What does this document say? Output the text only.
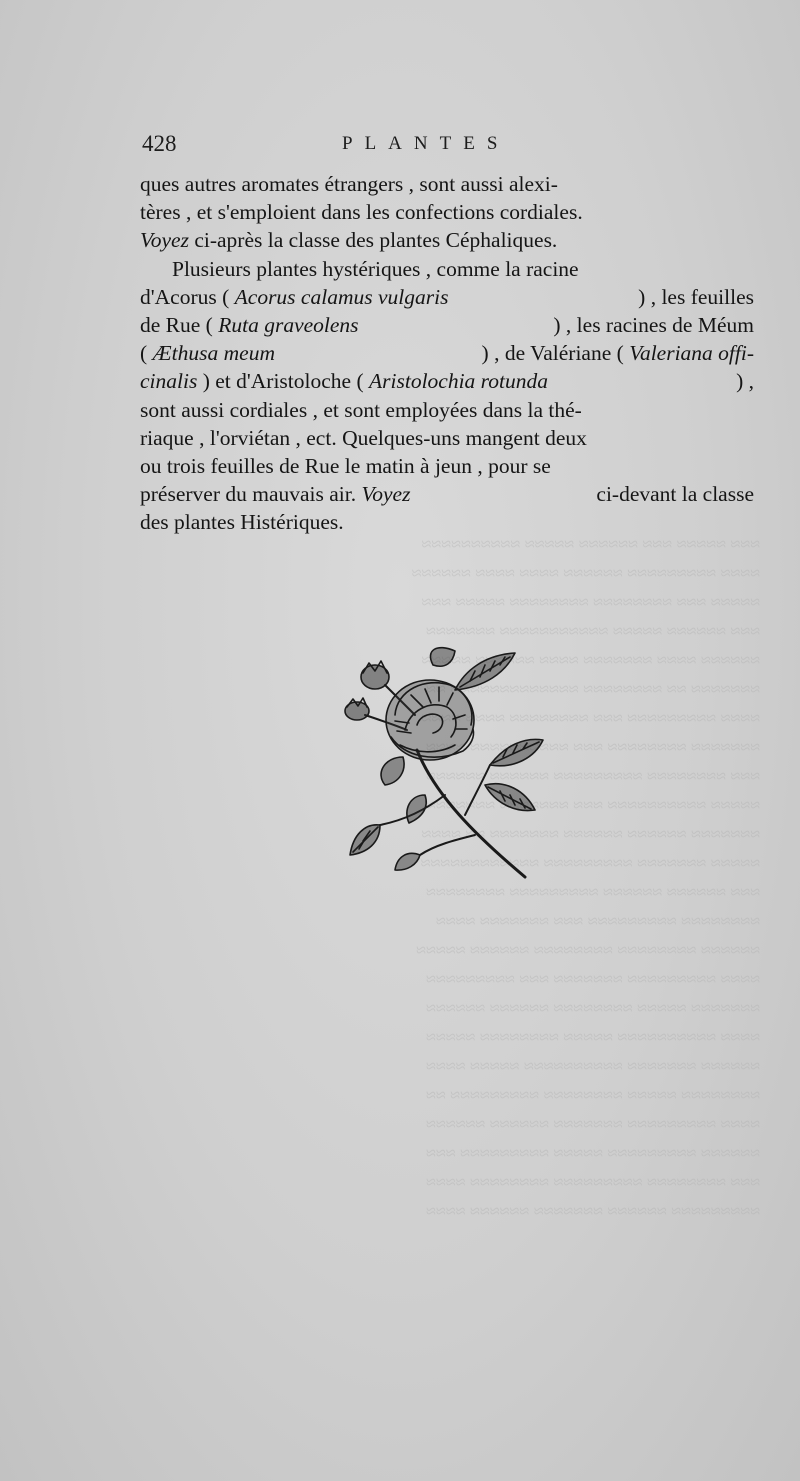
≈≈≈ ≈≈≈≈≈ ≈≈≈ ≈≈≈≈≈≈ ≈≈≈≈≈ ≈≈≈≈≈≈≈≈≈≈
≈≈≈≈ ≈≈≈≈≈≈≈≈≈ ≈≈≈≈≈≈ ≈≈≈≈ ≈≈≈≈ ≈≈≈≈≈≈
≈≈≈≈≈ ≈≈≈ ≈≈≈≈≈≈≈≈ ≈≈≈≈≈≈≈≈ ≈≈≈≈≈ ≈≈≈
≈≈≈ ≈≈≈≈≈≈ ≈≈≈≈≈ ≈≈≈≈≈≈≈≈≈≈≈ ≈≈≈≈≈≈≈
≈≈≈≈≈≈ ≈≈≈≈ ≈≈≈≈≈≈≈ ≈≈≈≈ ≈≈≈≈≈≈ ≈≈≈≈≈
≈≈≈≈≈≈≈ ≈≈ ≈≈≈≈≈≈≈≈ ≈≈≈≈≈≈≈≈≈≈≈≈≈ ≈≈
≈≈≈≈ ≈≈≈≈≈≈≈≈≈ ≈≈≈ ≈≈≈≈≈≈≈≈ ≈≈≈≈ ≈≈≈≈
≈≈≈≈≈≈≈ ≈≈≈≈≈≈≈≈ ≈≈≈ ≈≈≈≈≈≈≈≈≈≈ ≈≈≈≈
≈≈≈ ≈≈≈≈≈≈≈≈ ≈≈≈≈≈≈≈≈≈ ≈≈≈≈≈≈ ≈≈≈≈≈≈
≈≈≈≈≈ ≈≈≈≈≈≈≈≈≈≈ ≈≈≈ ≈≈≈≈≈≈≈ ≈≈≈≈≈≈≈
≈≈≈≈≈≈≈ ≈≈≈≈≈≈ ≈≈≈≈≈≈ ≈≈≈≈≈≈≈ ≈≈ ≈≈≈≈
≈≈≈≈≈ ≈≈≈≈≈≈≈ ≈≈≈≈≈≈≈≈≈ ≈≈≈≈≈≈≈≈≈≈≈≈
≈≈≈ ≈≈≈≈≈≈ ≈≈≈≈≈≈ ≈≈≈≈≈≈≈≈≈ ≈≈≈≈≈≈≈≈
≈≈≈≈≈≈≈≈ ≈≈≈≈≈≈≈≈≈ ≈≈≈ ≈≈≈≈≈≈≈ ≈≈≈≈
≈≈≈≈≈≈ ≈≈≈≈≈≈≈≈ ≈≈≈≈≈≈≈≈ ≈≈≈≈≈≈ ≈≈≈≈≈
≈≈≈≈ ≈≈≈≈≈≈≈≈≈ ≈≈≈≈≈≈≈ ≈≈≈ ≈≈≈≈≈≈≈≈≈
≈≈≈≈≈≈≈ ≈≈≈≈≈ ≈≈≈≈≈≈≈≈ ≈≈≈≈≈≈ ≈≈≈≈≈≈
≈≈≈≈ ≈≈≈≈≈≈≈≈≈≈ ≈≈≈≈≈ ≈≈≈≈≈≈≈≈ ≈≈≈≈≈
≈≈≈≈≈≈ ≈≈≈≈≈≈≈ ≈≈≈≈≈≈≈≈≈≈ ≈≈≈≈≈ ≈≈≈≈
≈≈≈≈≈≈≈≈ ≈≈≈≈≈ ≈≈≈≈≈≈≈≈ ≈≈≈≈≈≈≈≈≈ ≈≈
≈≈≈≈ ≈≈≈≈≈≈≈≈≈ ≈≈≈≈≈≈≈ ≈≈≈≈≈≈ ≈≈≈≈≈≈
≈≈≈≈≈≈ ≈≈≈≈≈≈≈≈≈ ≈≈≈≈≈ ≈≈≈≈≈≈≈≈≈ ≈≈≈
≈≈≈ ≈≈≈≈≈≈≈≈ ≈≈≈≈≈≈≈≈≈ ≈≈≈≈≈≈≈≈ ≈≈≈≈
≈≈≈≈≈≈≈≈≈ ≈≈≈≈≈≈ ≈≈≈≈≈≈≈ ≈≈≈≈≈≈ ≈≈≈≈
428	PLANTES
ques autres aromates étrangers , sont aussi alexi-
tères , et s'emploient dans les confections cordiales.
Voyez ci-après la classe des plantes Céphaliques.
Plusieurs plantes hystériques , comme la racine
d'Acorus ( Acorus calamus vulgaris	) , les feuilles
de Rue ( Ruta graveolens	) , les racines de Méum
( Æthusa meum	) , de Valériane ( Valeriana offi-
cinalis ) et d'Aristoloche ( Aristolochia rotunda	) ,
sont aussi cordiales , et sont employées dans la thé-
riaque , l'orviétan , ect. Quelques-uns mangent deux
ou trois feuilles de Rue le matin à jeun , pour se
préserver du mauvais air. Voyez	ci-devant la classe
des plantes Histériques.
